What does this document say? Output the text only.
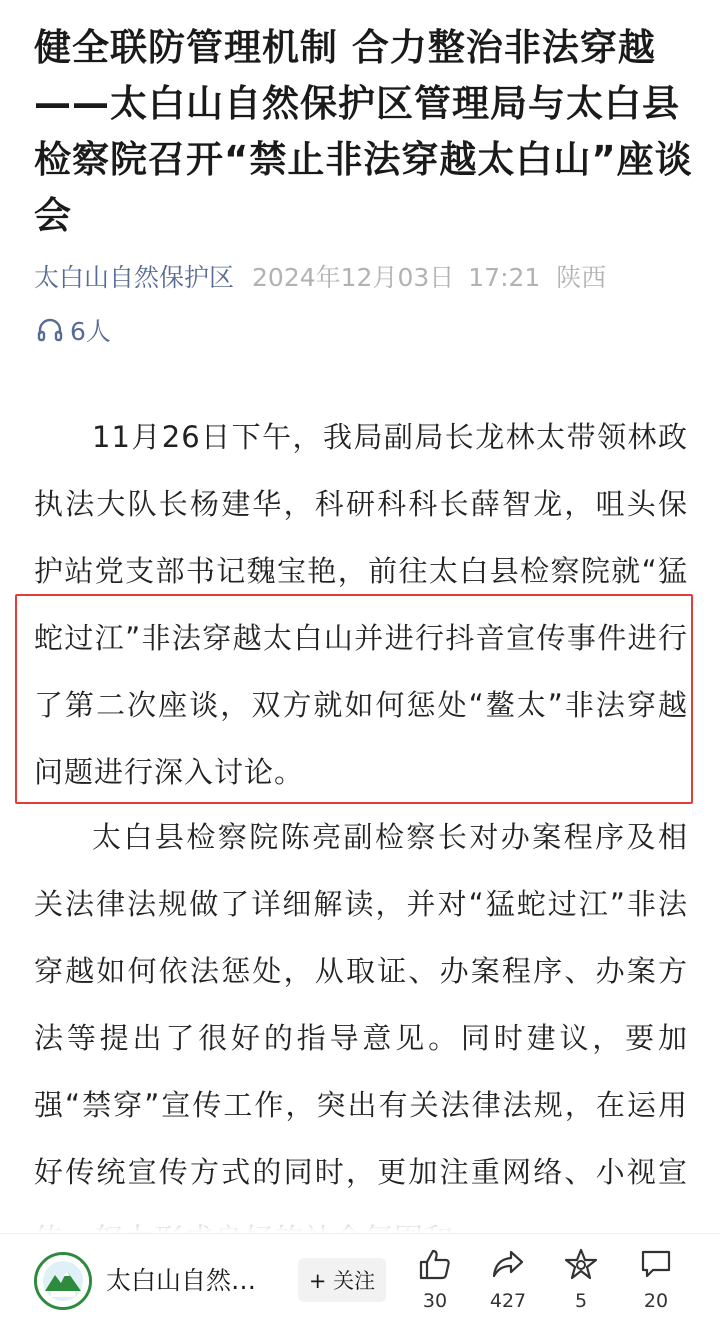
健全联防管理机制 合力整治非法穿越——太白山自然保护区管理局与太白县检察院召开“禁止非法穿越太白山”座谈会
太白山自然保护区 2024年12月03日 17:21 陕西
6人

11月26日下午，我局副局长龙林太带领林政执法大队长杨建华，科研科科长薛智龙，咀头保护站党支部书记魏宝艳，前往太白县检察院就“猛蛇过江”非法穿越太白山并进行抖音宣传事件进行了第二次座谈，双方就如何惩处“鳌太”非法穿越问题进行深入讨论。

太白县检察院陈亮副检察长对办案程序及相关法律法规做了详细解读，并对“猛蛇过江”非法穿越如何依法惩处，从取证、办案程序、办案方法等提出了很好的指导意见。同时建议，要加强“禁穿”宣传工作，突出有关法律法规，在运用好传统宣传方式的同时，更加注重网络、小视宣

太白山自然…	+ 关注
30	427	5	20
